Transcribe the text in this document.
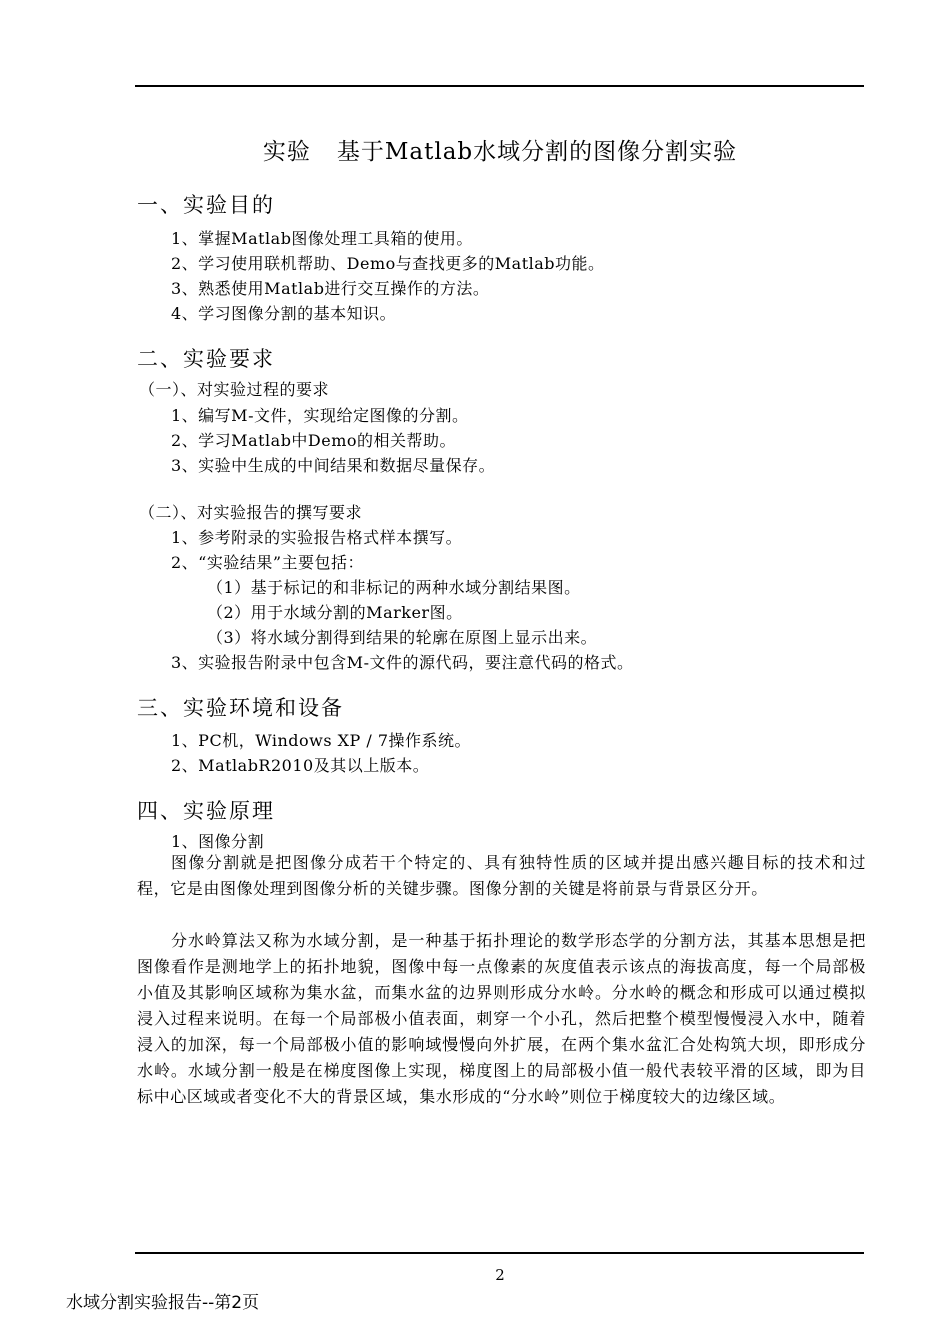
实验 基于Matlab水域分割的图像分割实验
一、实验目的
1、掌握Matlab图像处理工具箱的使用。
2、学习使用联机帮助、Demo与查找更多的Matlab功能。
3、熟悉使用Matlab进行交互操作的方法。
4、学习图像分割的基本知识。
二、实验要求
（一）、对实验过程的要求
1、编写M-文件，实现给定图像的分割。
2、学习Matlab中Demo的相关帮助。
3、实验中生成的中间结果和数据尽量保存。
（二）、对实验报告的撰写要求
1、参考附录的实验报告格式样本撰写。
2、“实验结果”主要包括：
（1）基于标记的和非标记的两种水域分割结果图。
（2）用于水域分割的Marker图。
（3）将水域分割得到结果的轮廓在原图上显示出来。
3、实验报告附录中包含M-文件的源代码，要注意代码的格式。
三、实验环境和设备
1、PC机，Windows XP / 7操作系统。
2、MatlabR2010及其以上版本。
四、实验原理
1、图像分割
图像分割就是把图像分成若干个特定的、具有独特性质的区域并提出感兴趣目标的技术和过程，它是由图像处理到图像分析的关键步骤。图像分割的关键是将前景与背景区分开。
分水岭算法又称为水域分割，是一种基于拓扑理论的数学形态学的分割方法，其基本思想是把图像看作是测地学上的拓扑地貌，图像中每一点像素的灰度值表示该点的海拔高度，每一个局部极小值及其影响区域称为集水盆，而集水盆的边界则形成分水岭。分水岭的概念和形成可以通过模拟浸入过程来说明。在每一个局部极小值表面，刺穿一个小孔，然后把整个模型慢慢浸入水中，随着浸入的加深，每一个局部极小值的影响域慢慢向外扩展，在两个集水盆汇合处构筑大坝，即形成分水岭。水域分割一般是在梯度图像上实现，梯度图上的局部极小值一般代表较平滑的区域，即为目标中心区域或者变化不大的背景区域，集水形成的“分水岭”则位于梯度较大的边缘区域。
2
水域分割实验报告--第2页
